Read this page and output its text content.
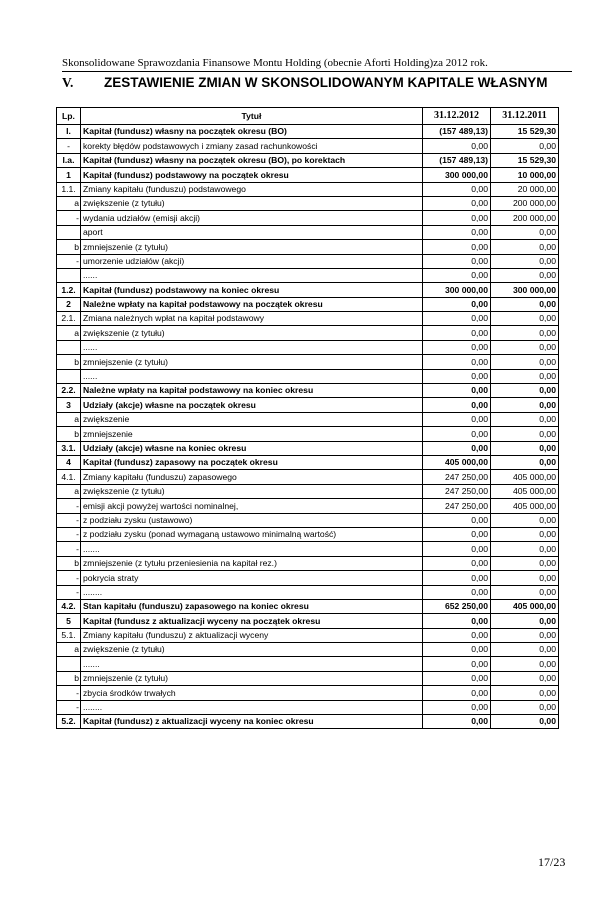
Skonsolidowane Sprawozdania Finansowe Montu Holding (obecnie Aforti Holding)za 2012 rok.
V. ZESTAWIENIE ZMIAN W SKONSOLIDOWANYM KAPITALE WŁASNYM
Lp.	Tytuł	31.12.2012	31.12.2011
I.	Kapitał (fundusz) własny na początek okresu (BO)	(157 489,13)	15 529,30
-	korekty błędów podstawowych i zmiany zasad rachunkowości	0,00	0,00
I.a.	Kapitał (fundusz) własny na początek okresu (BO), po korektach	(157 489,13)	15 529,30
1	Kapitał (fundusz) podstawowy na początek okresu	300 000,00	10 000,00
1.1.	Zmiany kapitału (funduszu) podstawowego	0,00	20 000,00
a	zwiększenie (z tytułu)	0,00	200 000,00
-	wydania udziałów (emisji akcji)	0,00	200 000,00
	aport	0,00	0,00
b	zmniejszenie (z tytułu)	0,00	0,00
-	umorzenie udziałów (akcji)	0,00	0,00
	......	0,00	0,00
1.2.	Kapitał (fundusz) podstawowy na koniec okresu	300 000,00	300 000,00
2	Należne wpłaty na kapitał podstawowy na początek okresu	0,00	0,00
2.1.	Zmiana należnych wpłat na kapitał podstawowy	0,00	0,00
a	zwiększenie (z tytułu)	0,00	0,00
	......	0,00	0,00
b	zmniejszenie (z tytułu)	0,00	0,00
	......	0,00	0,00
2.2.	Należne wpłaty na kapitał podstawowy na koniec okresu	0,00	0,00
3	Udziały (akcje) własne na początek okresu	0,00	0,00
a	zwiększenie	0,00	0,00
b	zmniejszenie	0,00	0,00
3.1.	Udziały (akcje) własne na koniec okresu	0,00	0,00
4	Kapitał (fundusz) zapasowy na początek okresu	405 000,00	0,00
4.1.	Zmiany kapitału (funduszu) zapasowego	247 250,00	405 000,00
a	zwiększenie (z tytułu)	247 250,00	405 000,00
-	emisji akcji powyżej wartości nominalnej,	247 250,00	405 000,00
-	z podziału zysku (ustawowo)	0,00	0,00
-	z podziału zysku (ponad wymaganą ustawowo minimalną wartość)	0,00	0,00
-	.......	0,00	0,00
b	zmniejszenie (z tytułu przeniesienia na kapitał rez.)	0,00	0,00
-	pokrycia straty	0,00	0,00
-	........	0,00	0,00
4.2.	Stan kapitału (funduszu) zapasowego na koniec okresu	652 250,00	405 000,00
5	Kapitał (fundusz z aktualizacji wyceny na początek okresu	0,00	0,00
5.1.	Zmiany kapitału (funduszu) z aktualizacji wyceny	0,00	0,00
a	zwiększenie (z tytułu)	0,00	0,00
	.......	0,00	0,00
b	zmniejszenie (z tytułu)	0,00	0,00
-	zbycia środków trwałych	0,00	0,00
-	........	0,00	0,00
5.2.	Kapitał (fundusz) z aktualizacji wyceny na koniec okresu	0,00	0,00
17/23
